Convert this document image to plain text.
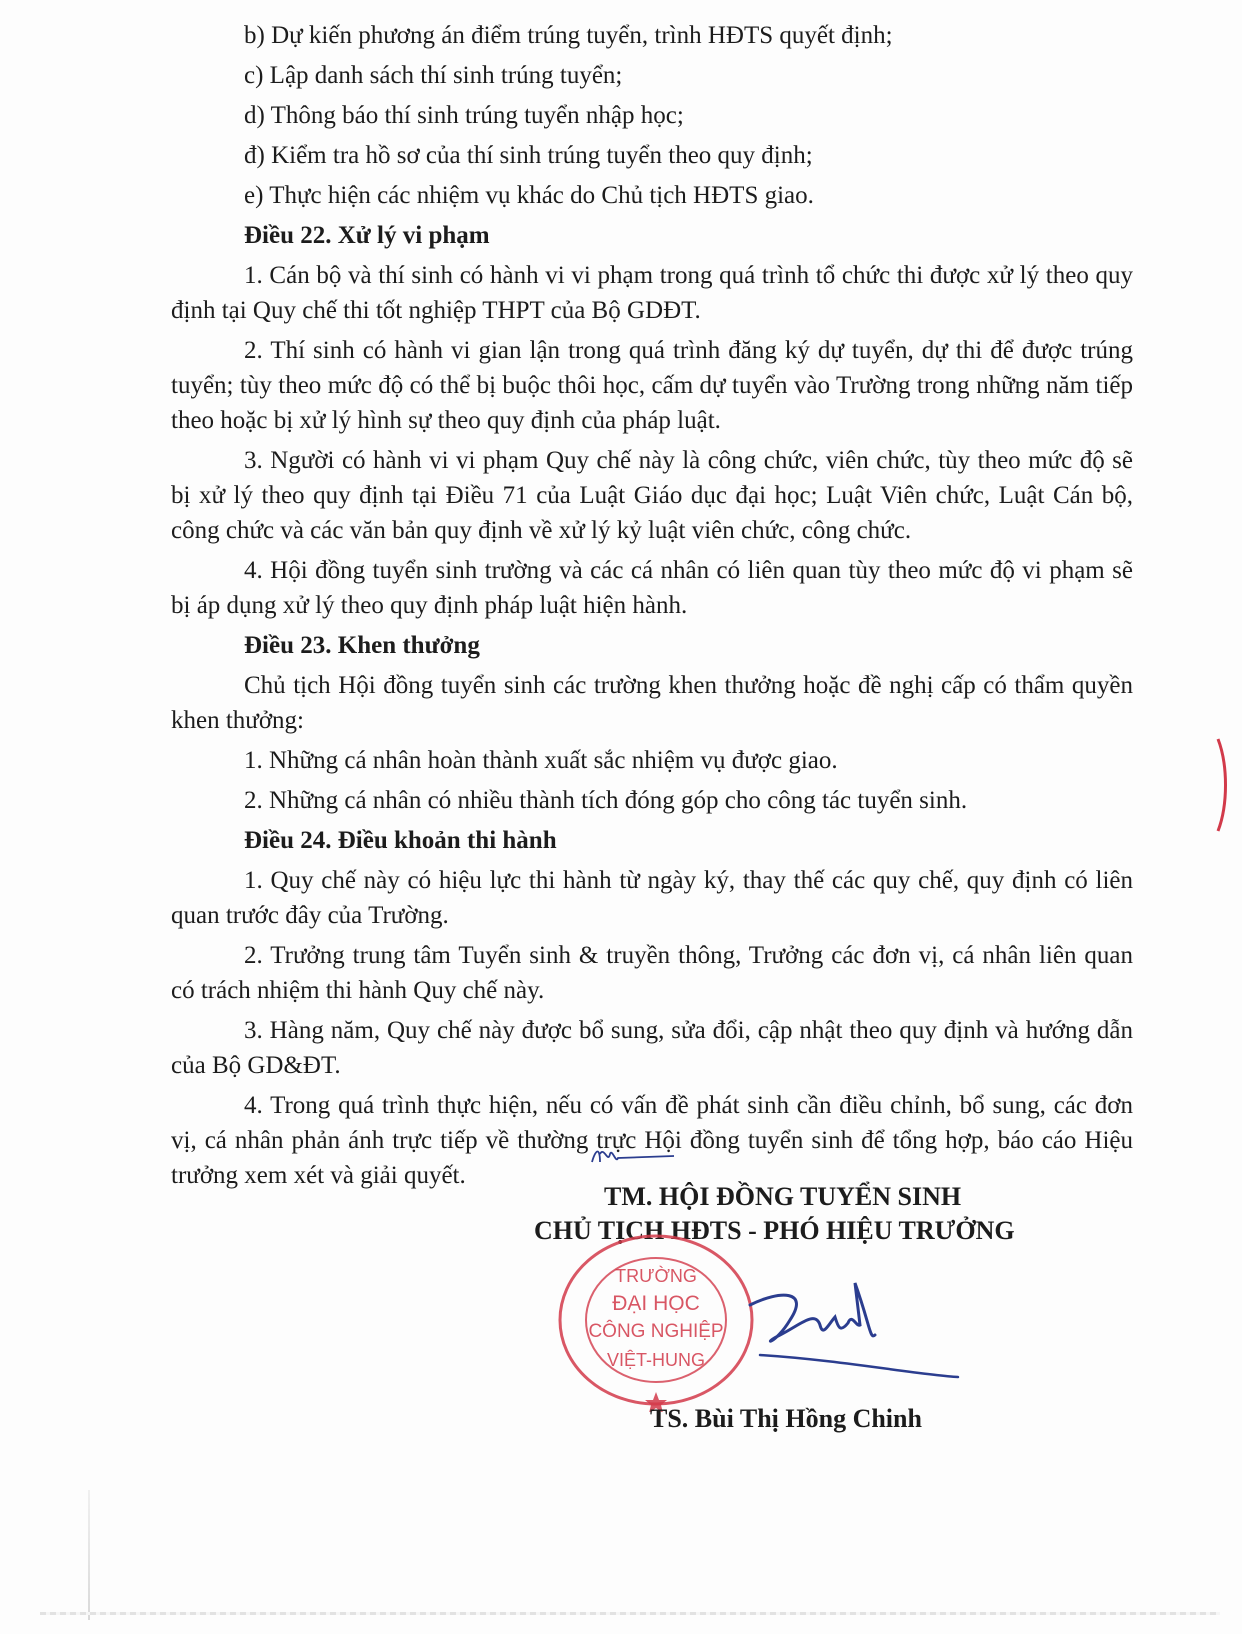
b) Dự kiến phương án điểm trúng tuyển, trình HĐTS quyết định;

c) Lập danh sách thí sinh trúng tuyển;

d) Thông báo thí sinh trúng tuyển nhập học;

đ) Kiểm tra hồ sơ của thí sinh trúng tuyển theo quy định;

e) Thực hiện các nhiệm vụ khác do Chủ tịch HĐTS giao.

Điều 22. Xử lý vi phạm

1. Cán bộ và thí sinh có hành vi vi phạm trong quá trình tổ chức thi được xử lý theo quy định tại Quy chế thi tốt nghiệp THPT của Bộ GDĐT.

2. Thí sinh có hành vi gian lận trong quá trình đăng ký dự tuyển, dự thi để được trúng tuyển; tùy theo mức độ có thể bị buộc thôi học, cấm dự tuyển vào Trường trong những năm tiếp theo hoặc bị xử lý hình sự theo quy định của pháp luật.

3. Người có hành vi vi phạm Quy chế này là công chức, viên chức, tùy theo mức độ sẽ bị xử lý theo quy định tại Điều 71 của Luật Giáo dục đại học; Luật Viên chức, Luật Cán bộ, công chức và các văn bản quy định về xử lý kỷ luật viên chức, công chức.

4. Hội đồng tuyển sinh trường và các cá nhân có liên quan tùy theo mức độ vi phạm sẽ bị áp dụng xử lý theo quy định pháp luật hiện hành.

Điều 23. Khen thưởng

Chủ tịch Hội đồng tuyển sinh các trường khen thưởng hoặc đề nghị cấp có thẩm quyền khen thưởng:

1. Những cá nhân hoàn thành xuất sắc nhiệm vụ được giao.

2. Những cá nhân có nhiều thành tích đóng góp cho công tác tuyển sinh.

Điều 24. Điều khoản thi hành

1. Quy chế này có hiệu lực thi hành từ ngày ký, thay thế các quy chế, quy định có liên quan trước đây của Trường.

2. Trưởng trung tâm Tuyển sinh & truyền thông, Trưởng các đơn vị, cá nhân liên quan có trách nhiệm thi hành Quy chế này.

3. Hàng năm, Quy chế này được bổ sung, sửa đổi, cập nhật theo quy định và hướng dẫn của Bộ GD&ĐT.

4. Trong quá trình thực hiện, nếu có vấn đề phát sinh cần điều chỉnh, bổ sung, các đơn vị, cá nhân phản ánh trực tiếp về thường trực Hội đồng tuyển sinh để tổng hợp, báo cáo Hiệu trưởng xem xét và giải quyết.

TM. HỘI ĐỒNG TUYỂN SINH
CHỦ TỊCH HĐTS - PHÓ HIỆU TRƯỞNG
TRƯỜNG
ĐẠI HỌC
CÔNG NGHIỆP
VIỆT-HUNG
TS. Bùi Thị Hồng Chinh
